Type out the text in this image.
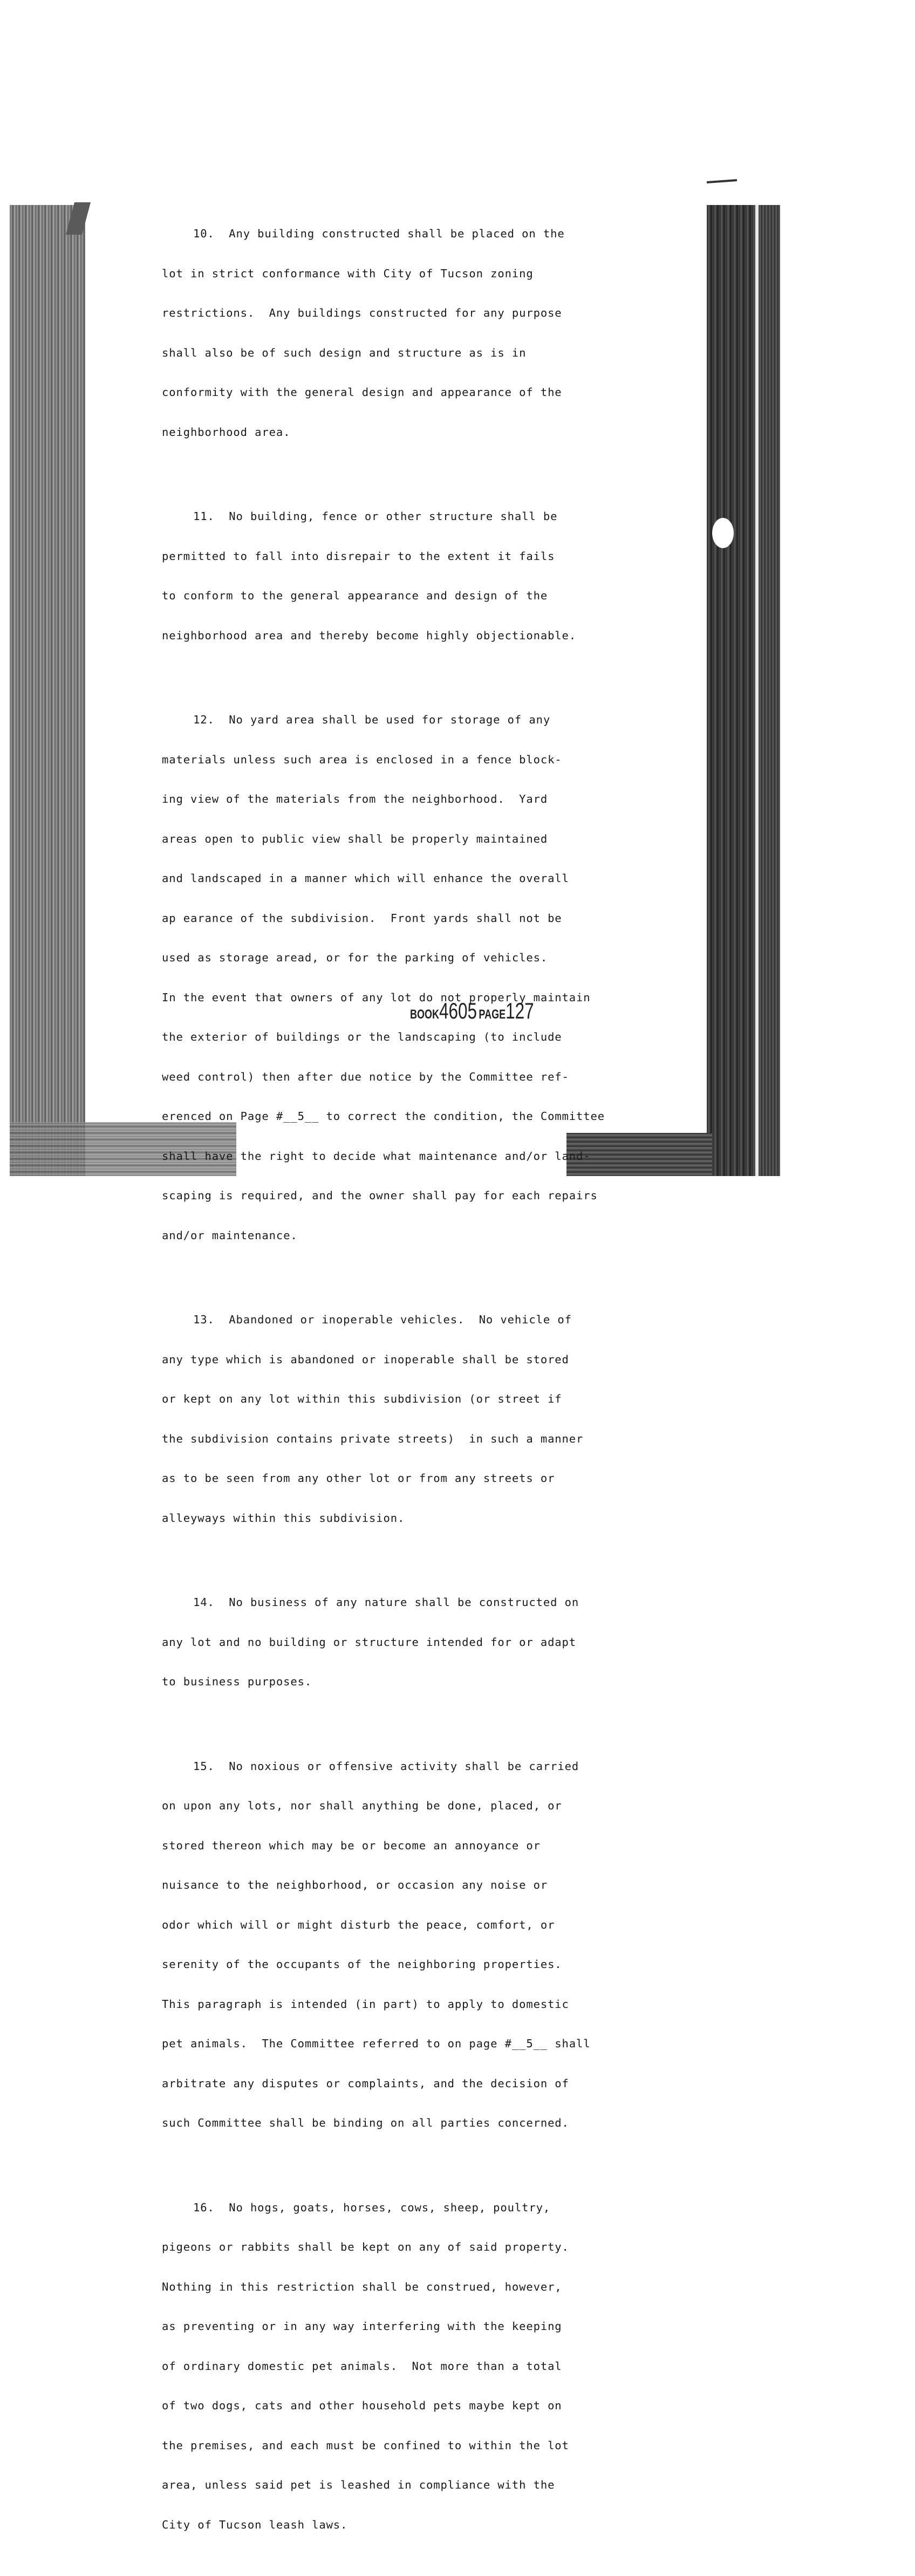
10. Any building constructed shall be placed on the

lot in strict conformance with City of Tucson zoning

restrictions.  Any buildings constructed for any purpose

shall also be of such design and structure as is in

conformity with the general design and appearance of the

neighborhood area.

11. No building, fence or other structure shall be

permitted to fall into disrepair to the extent it fails

to conform to the general appearance and design of the

neighborhood area and thereby become highly objectionable.

12. No yard area shall be used for storage of any

materials unless such area is enclosed in a fence block-

ing view of the materials from the neighborhood.  Yard

areas open to public view shall be properly maintained

and landscaped in a manner which will enhance the overall

ap earance of the subdivision.  Front yards shall not be

used as storage aread, or for the parking of vehicles.

In the event that owners of any lot do not properly maintain

the exterior of buildings or the landscaping (to include

weed control) then after due notice by the Committee ref-

erenced on Page #__5__ to correct the condition, the Committee

shall have the right to decide what maintenance and/or land-

scaping is required, and the owner shall pay for each repairs

and/or maintenance.

13. Abandoned or inoperable vehicles.  No vehicle of

any type which is abandoned or inoperable shall be stored

or kept on any lot within this subdivision (or street if

the subdivision contains private streets)  in such a manner

as to be seen from any other lot or from any streets or

alleyways within this subdivision.

14. No business of any nature shall be constructed on

any lot and no building or structure intended for or adapt

to business purposes.

15. No noxious or offensive activity shall be carried

on upon any lots, nor shall anything be done, placed, or

stored thereon which may be or become an annoyance or

nuisance to the neighborhood, or occasion any noise or

odor which will or might disturb the peace, comfort, or

serenity of the occupants of the neighboring properties.

This paragraph is intended (in part) to apply to domestic

pet animals.  The Committee referred to on page #__5__ shall

arbitrate any disputes or complaints, and the decision of

such Committee shall be binding on all parties concerned.

16. No hogs, goats, horses, cows, sheep, poultry,

pigeons or rabbits shall be kept on any of said property.

Nothing in this restriction shall be construed, however,

as preventing or in any way interfering with the keeping

of ordinary domestic pet animals.  Not more than a total

of two dogs, cats and other household pets maybe kept on

the premises, and each must be confined to within the lot

area, unless said pet is leashed in compliance with the

City of Tucson leash laws.

BOOK4605 PAGE127
